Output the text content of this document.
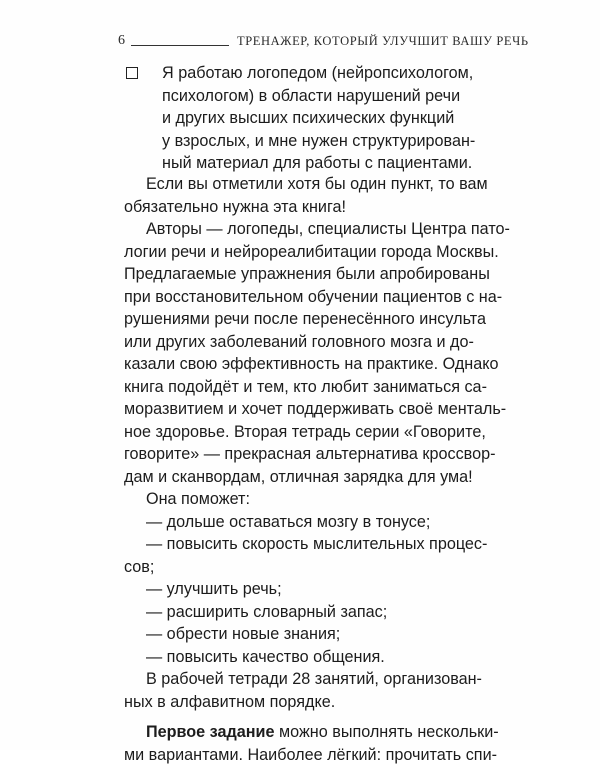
6	ТРЕНАЖЕР, КОТОРЫЙ УЛУЧШИТ ВАШУ РЕЧЬ

Я работаю логопедом (нейропсихологом,
психологом) в области нарушений речи
и других высших психических функций
у взрослых, и мне нужен структурирован-
ный материал для работы с пациентами.

Если вы отметили хотя бы один пункт, то вам
обязательно нужна эта книга!

Авторы — логопеды, специалисты Центра пато-
логии речи и нейрореалибитации города Москвы.
Предлагаемые упражнения были апробированы
при восстановительном обучении пациентов с на-
рушениями речи после перенесённого инсульта
или других заболеваний головного мозга и до-
казали свою эффективность на практике. Однако
книга подойдёт и тем, кто любит заниматься са-
моразвитием и хочет поддерживать своё менталь-
ное здоровье. Вторая тетрадь серии «Говорите,
говорите» — прекрасная альтернатива кроссвор-
дам и сканвордам, отличная зарядка для ума!

Она поможет:

— дольше оставаться мозгу в тонусе;

— повысить скорость мыслительных процес-

сов;

— улучшить речь;

— расширить словарный запас;

— обрести новые знания;

— повысить качество общения.

В рабочей тетради 28 занятий, организован-
ных в алфавитном порядке.

Первое задание можно выполнять нескольки-
ми вариантами. Наиболее лёгкий: прочитать спи-
